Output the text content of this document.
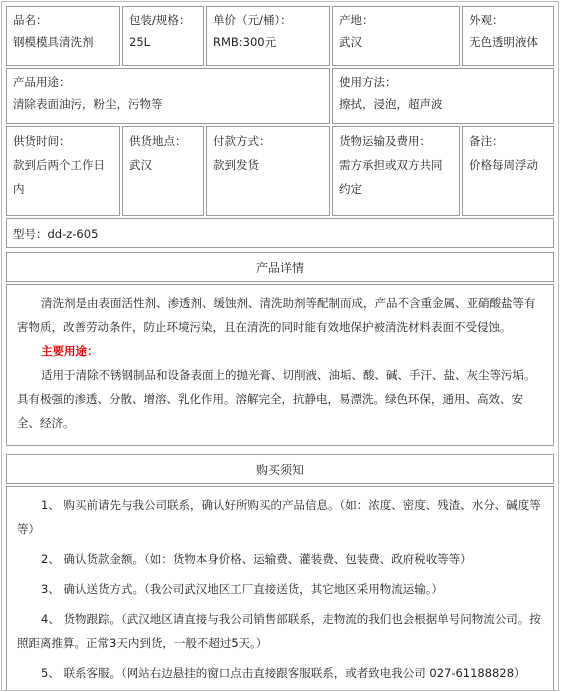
品名：
钢模模具清洗剂
包装/规格：
25L
单价（元/桶）：
RMB:300元
产地：
武汉
外观：
无色透明液体
产品用途：
清除表面油污，粉尘，污物等
使用方法：
擦拭，浸泡，超声波
供货时间：
款到后两个工作日内
供货地点：
武汉
付款方式：
款到发货
货物运输及费用：
需方承担或双方共同约定
备注：
价格每周浮动
型号：dd-z-605
产品详情

清洗剂是由表面活性剂、渗透剂、缓蚀剂、清洗助剂等配制而成，产品不含重金属、亚硝酸盐等有害物质，改善劳动条件，防止环境污染，且在清洗的同时能有效地保护被清洗材料表面不受侵蚀。

主要用途：

适用于清除不锈钢制品和设备表面上的抛光膏、切削液、油垢、酸、碱、手汗、盐、灰尘等污垢。具有极强的渗透、分散、增溶、乳化作用。溶解完全，抗静电，易漂洗。绿色环保，通用、高效、安全、经济。

购买须知
1、 购买前请先与我公司联系，确认好所购买的产品信息。（如：浓度、密度、残渣、水分、碱度等等）
2、 确认货款金额。（如：货物本身价格、运输费、灌装费、包装费、政府税收等等）
3、 确认送货方式。（我公司武汉地区工厂直接送货，其它地区采用物流运输。）
4、 货物跟踪。（武汉地区请直接与我公司销售部联系，走物流的我们也会根据单号问物流公司。按照距离推算。正常3天内到货，一般不超过5天。）
5、 联系客服。（网站右边悬挂的窗口点击直接跟客服联系，或者致电我公司 027-61188828）
